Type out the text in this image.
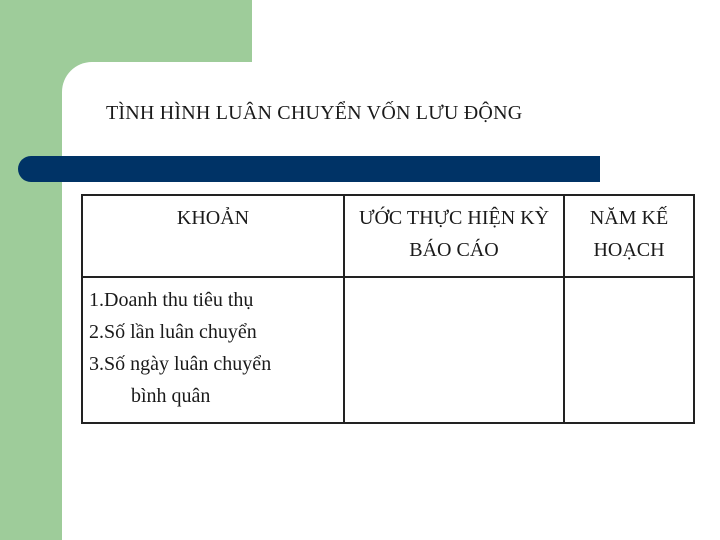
TÌNH HÌNH LUÂN CHUYỂN VỐN LƯU ĐỘNG
KHOẢN	ƯỚC THỰC HIỆN KỲ BÁO CÁO	NĂM KẾ HOẠCH

1.Doanh thu tiêu thụ
2.Số lần luân chuyển
3.Số ngày luân chuyển
bình quân		
